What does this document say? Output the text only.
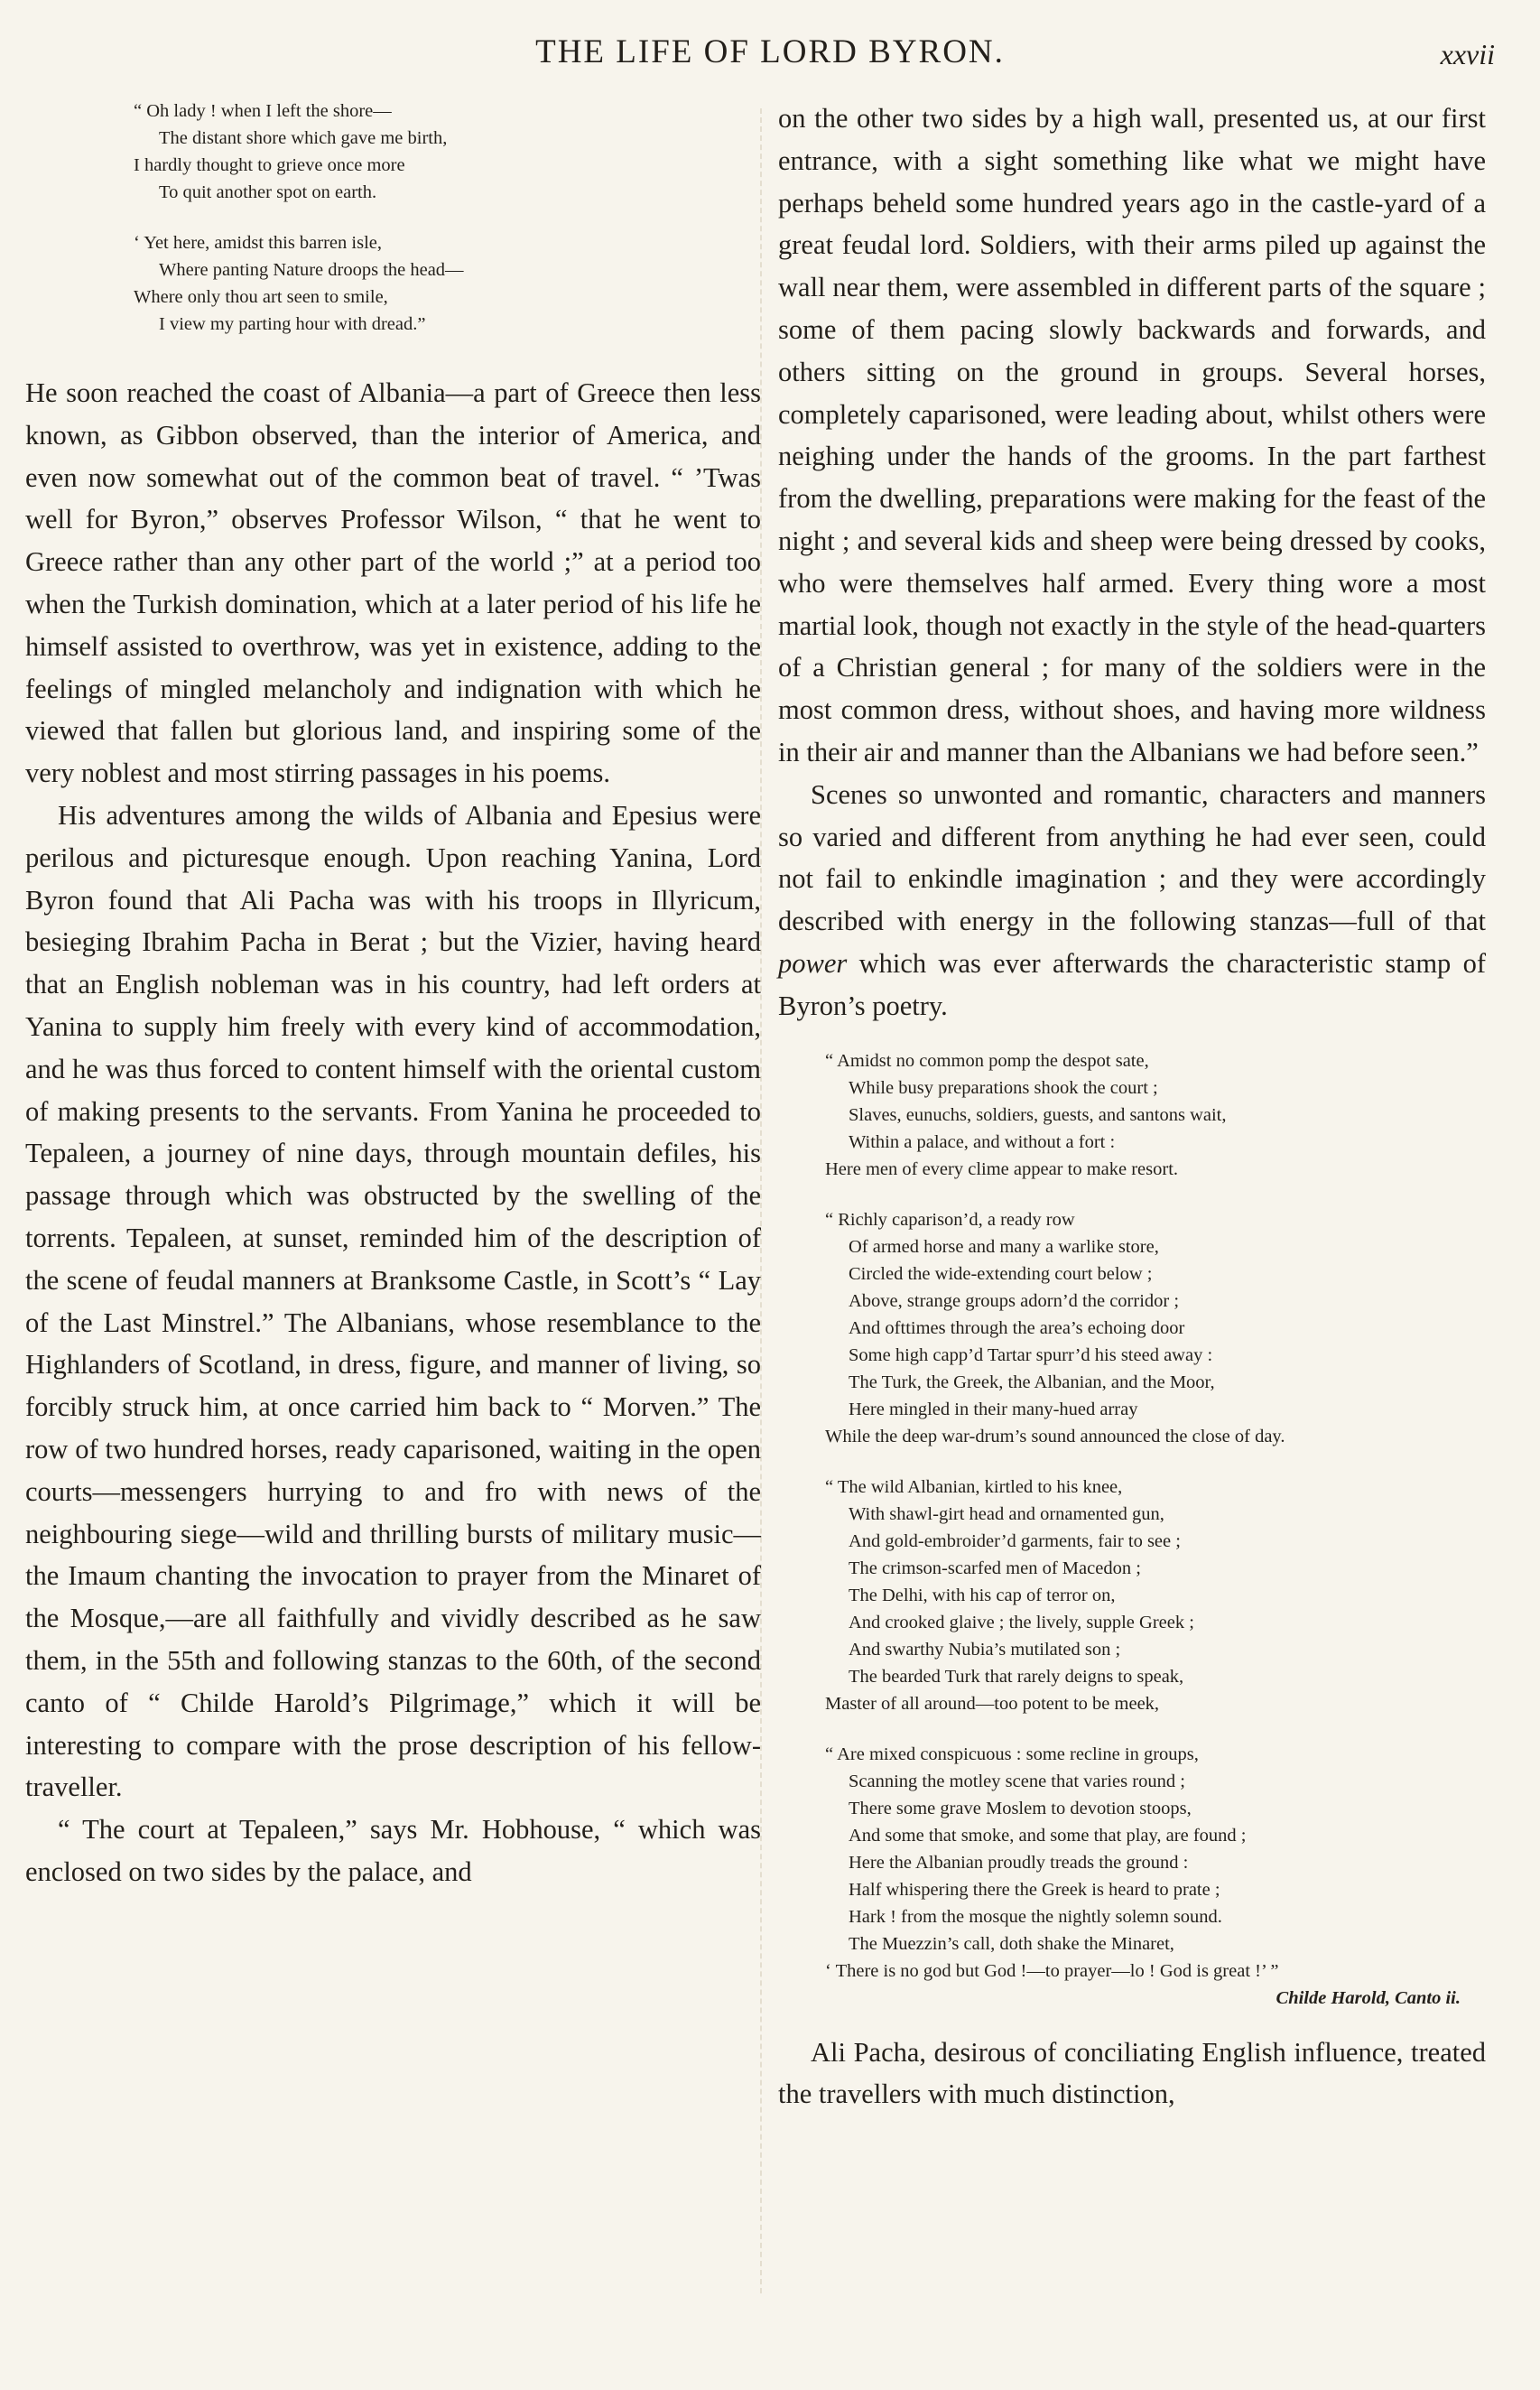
THE LIFE OF LORD BYRON.	xxvii
“ Oh lady ! when I left the shore—
The distant shore which gave me birth,
I hardly thought to grieve once more
To quit another spot on earth.
‘ Yet here, amidst this barren isle,
Where panting Nature droops the head—
Where only thou art seen to smile,
I view my parting hour with dread.”

He soon reached the coast of Albania—a part of Greece then less known, as Gibbon observed, than the interior of America, and even now somewhat out of the common beat of travel. “ ’Twas well for Byron,” observes Professor Wilson, “ that he went to Greece rather than any other part of the world ;” at a period too when the Turkish domination, which at a later period of his life he himself assisted to overthrow, was yet in existence, adding to the feelings of mingled melancholy and indignation with which he viewed that fallen but glorious land, and inspiring some of the very noblest and most stirring passages in his poems.

His adventures among the wilds of Albania and Epesius were perilous and picturesque enough. Upon reaching Yanina, Lord Byron found that Ali Pacha was with his troops in Illyricum, besieging Ibrahim Pacha in Berat ; but the Vizier, having heard that an English nobleman was in his country, had left orders at Yanina to supply him freely with every kind of accommodation, and he was thus forced to content himself with the oriental custom of making presents to the servants. From Yanina he proceeded to Tepaleen, a journey of nine days, through mountain defiles, his passage through which was obstructed by the swelling of the torrents. Tepaleen, at sunset, reminded him of the description of the scene of feudal manners at Branksome Castle, in Scott’s “ Lay of the Last Minstrel.” The Albanians, whose resemblance to the Highlanders of Scotland, in dress, figure, and manner of living, so forcibly struck him, at once carried him back to “ Morven.” The row of two hundred horses, ready caparisoned, waiting in the open courts—messengers hurrying to and fro with news of the neighbouring siege—wild and thrilling bursts of military music—the Imaum chanting the invocation to prayer from the Minaret of the Mosque,—are all faithfully and vividly described as he saw them, in the 55th and following stanzas to the 60th, of the second canto of “ Childe Harold’s Pilgrimage,” which it will be interesting to compare with the prose description of his fellow-traveller.

“ The court at Tepaleen,” says Mr. Hobhouse, “ which was enclosed on two sides by the palace, and

on the other two sides by a high wall, presented us, at our first entrance, with a sight something like what we might have perhaps beheld some hundred years ago in the castle-yard of a great feudal lord. Soldiers, with their arms piled up against the wall near them, were assembled in different parts of the square ; some of them pacing slowly backwards and forwards, and others sitting on the ground in groups. Several horses, completely caparisoned, were leading about, whilst others were neighing under the hands of the grooms. In the part farthest from the dwelling, preparations were making for the feast of the night ; and several kids and sheep were being dressed by cooks, who were themselves half armed. Every thing wore a most martial look, though not exactly in the style of the head-quarters of a Christian general ; for many of the soldiers were in the most common dress, without shoes, and having more wildness in their air and manner than the Albanians we had before seen.”

Scenes so unwonted and romantic, characters and manners so varied and different from anything he had ever seen, could not fail to enkindle imagination ; and they were accordingly described with energy in the following stanzas—full of that power which was ever afterwards the characteristic stamp of Byron’s poetry.

“ Amidst no common pomp the despot sate,
While busy preparations shook the court ;
Slaves, eunuchs, soldiers, guests, and santons wait,
Within a palace, and without a fort :
Here men of every clime appear to make resort.
“ Richly caparison’d, a ready row
Of armed horse and many a warlike store,
Circled the wide-extending court below ;
Above, strange groups adorn’d the corridor ;
And ofttimes through the area’s echoing door
Some high capp’d Tartar spurr’d his steed away :
The Turk, the Greek, the Albanian, and the Moor,
Here mingled in their many-hued array
While the deep war-drum’s sound announced the close of day.
“ The wild Albanian, kirtled to his knee,
With shawl-girt head and ornamented gun,
And gold-embroider’d garments, fair to see ;
The crimson-scarfed men of Macedon ;
The Delhi, with his cap of terror on,
And crooked glaive ; the lively, supple Greek ;
And swarthy Nubia’s mutilated son ;
The bearded Turk that rarely deigns to speak,
Master of all around—too potent to be meek,
“ Are mixed conspicuous : some recline in groups,
Scanning the motley scene that varies round ;
There some grave Moslem to devotion stoops,
And some that smoke, and some that play, are found ;
Here the Albanian proudly treads the ground :
Half whispering there the Greek is heard to prate ;
Hark ! from the mosque the nightly solemn sound.
The Muezzin’s call, doth shake the Minaret,
‘ There is no god but God !—to prayer—lo ! God is great !’ ”
Childe Harold, Canto ii.

Ali Pacha, desirous of conciliating English influence, treated the travellers with much distinction,
